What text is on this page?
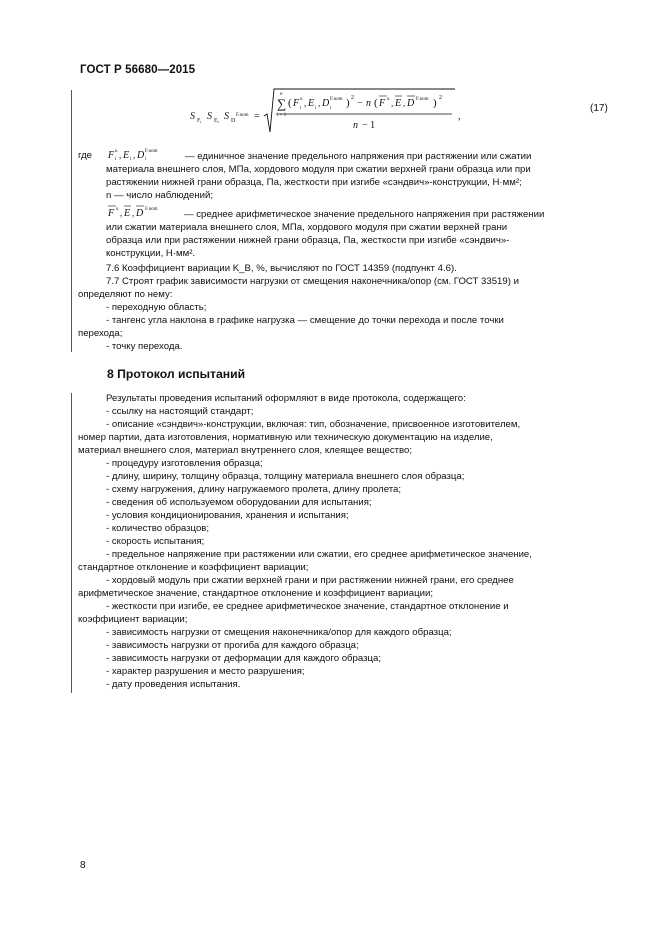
ГОСТ Р 56680—2015
S F, S E, S D
F.nom =
∑
n
i = 1
( F u
i
, E i
, D F.nom
i ) 2 − n ( F u , E , D F.nom ) 2
n − 1
,
(17)
где F u
i , E i , D F.nom
i	— единичное значение предельного напряжения при растяжении или сжатии
материала внешнего слоя, МПа, хордового модуля при сжатии верхней грани образца или при
растяжении нижней грани образца, Па, жесткости при изгибе «сэндвич»-конструкции, Н·мм²;
n — число наблюдений;
F u , E , D F.nom	— среднее арифметическое значение предельного напряжения при растяжении
или сжатии материала внешнего слоя, МПа, хордового модуля при сжатии верхней грани
образца или при растяжении нижней грани образца, Па, жесткости при изгибе «сэндвич»-
конструкции, Н·мм².
7.6 Коэффициент вариации K_B, %, вычисляют по ГОСТ 14359 (подпункт 4.6).
7.7 Строят график зависимости нагрузки от смещения наконечника/опор (см. ГОСТ 33519) и
определяют по нему:
- переходную область;
- тангенс угла наклона в графике нагрузка — смещение до точки перехода и после точки
перехода;
- точку перехода.
8 Протокол испытаний
Результаты проведения испытаний оформляют в виде протокола, содержащего:
- ссылку на настоящий стандарт;
- описание «сэндвич»-конструкции, включая: тип, обозначение, присвоенное изготовителем,
номер партии, дата изготовления, нормативную или техническую документацию на изделие,
материал внешнего слоя, материал внутреннего слоя, клеящее вещество;
- процедуру изготовления образца;
- длину, ширину, толщину образца, толщину материала внешнего слоя образца;
- схему нагружения, длину нагружаемого пролета, длину пролета;
- сведения об используемом оборудовании для испытания;
- условия кондиционирования, хранения и испытания;
- количество образцов;
- скорость испытания;
- предельное напряжение при растяжении или сжатии, его среднее арифметическое значение,
стандартное отклонение и коэффициент вариации;
- хордовый модуль при сжатии верхней грани и при растяжении нижней грани, его среднее
арифметическое значение, стандартное отклонение и коэффициент вариации;
- жесткости при изгибе, ее среднее арифметическое значение, стандартное отклонение и
коэффициент вариации;
- зависимость нагрузки от смещения наконечника/опор для каждого образца;
- зависимость нагрузки от прогиба для каждого образца;
- зависимость нагрузки от деформации для каждого образца;
- характер разрушения и место разрушения;
- дату проведения испытания.
8
